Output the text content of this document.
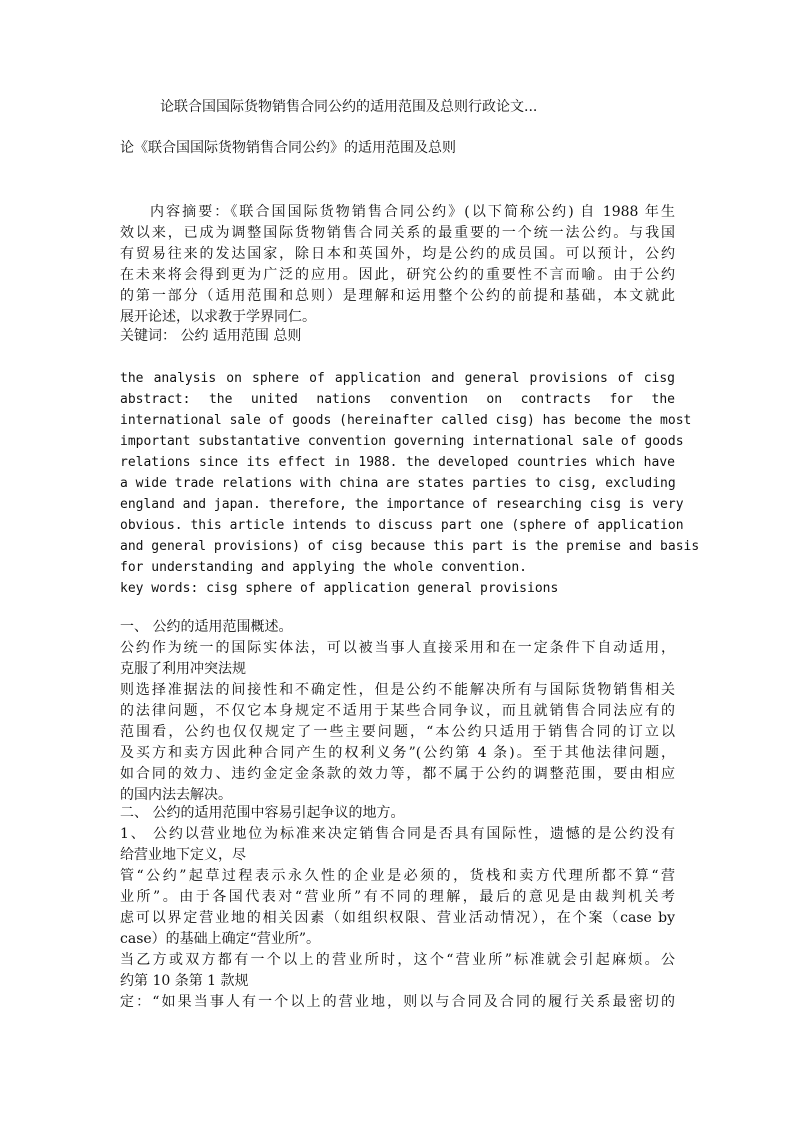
论联合国国际货物销售合同公约的适用范围及总则行政论文...
论《联合国国际货物销售合同公约》的适用范围及总则
内容摘要：《联合国国际货物销售合同公约》(以下简称公约) 自 1988 年生
效以来，已成为调整国际货物销售合同关系的最重要的一个统一法公约。与我国
有贸易往来的发达国家，除日本和英国外，均是公约的成员国。可以预计，公约
在未来将会得到更为广泛的应用。因此，研究公约的重要性不言而喻。由于公约
的第一部分（适用范围和总则）是理解和运用整个公约的前提和基础，本文就此
展开论述，以求教于学界同仁。
关键词： 公约 适用范围 总则
the analysis on sphere of application and general provisions of cisg
abstract: the united nations convention on contracts for the
international sale of goods (hereinafter called cisg) has become the most
important substantative convention governing international sale of goods
relations since its effect in 1988. the developed countries which have
a wide trade relations with china are states parties to cisg, excluding
england and japan. therefore, the importance of researching cisg is very
obvious. this article intends to discuss part one (sphere of application
and general provisions) of cisg because this part is the premise and basis
for understanding and applying the whole convention.
key words: cisg sphere of application general provisions
一、 公约的适用范围概述。
公约作为统一的国际实体法，可以被当事人直接采用和在一定条件下自动适用，
克服了利用冲突法规
则选择准据法的间接性和不确定性，但是公约不能解决所有与国际货物销售相关
的法律问题，不仅它本身规定不适用于某些合同争议，而且就销售合同法应有的
范围看，公约也仅仅规定了一些主要问题，“本公约只适用于销售合同的订立以
及买方和卖方因此种合同产生的权利义务”(公约第 4 条)。至于其他法律问题，
如合同的效力、违约金定金条款的效力等，都不属于公约的调整范围，要由相应
的国内法去解决。
二、 公约的适用范围中容易引起争议的地方。
1、 公约以营业地位为标准来决定销售合同是否具有国际性，遗憾的是公约没有
给营业地下定义，尽
管“公约”起草过程表示永久性的企业是必须的，货栈和卖方代理所都不算“营
业所”。由于各国代表对“营业所”有不同的理解，最后的意见是由裁判机关考
虑可以界定营业地的相关因素（如组织权限、营业活动情况），在个案（case by
case）的基础上确定“营业所”。
当乙方或双方都有一个以上的营业所时，这个“营业所”标准就会引起麻烦。公
约第 10 条第 1 款规
定：“如果当事人有一个以上的营业地，则以与合同及合同的履行关系最密切的
